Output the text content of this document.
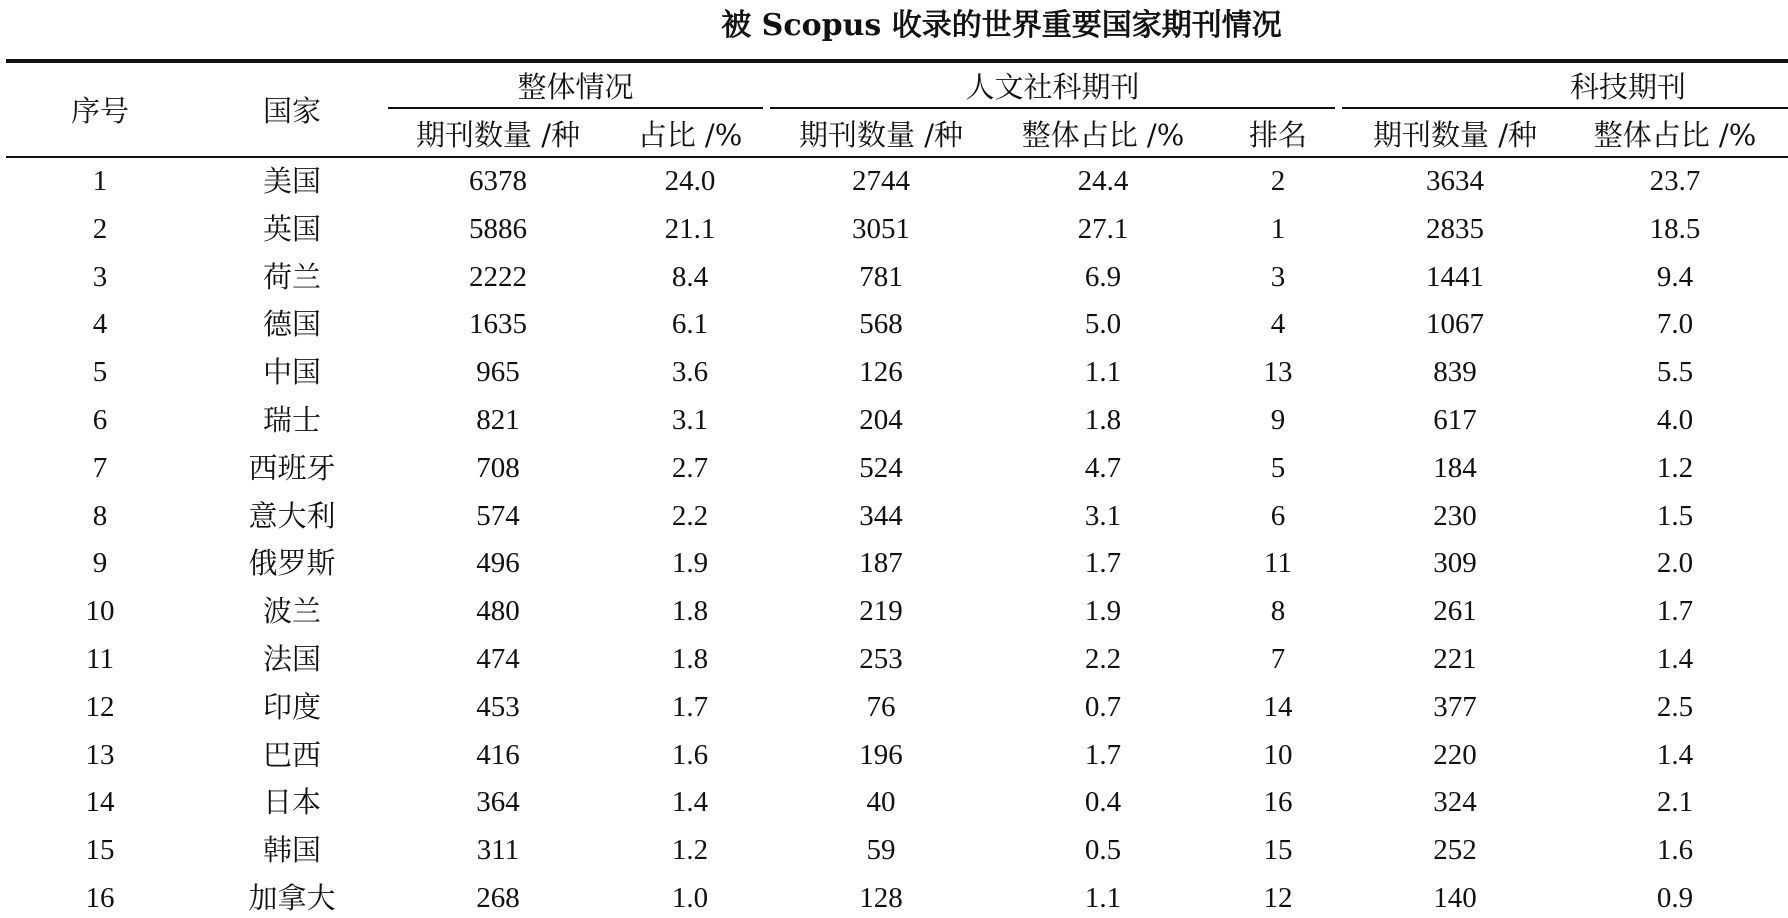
被 Scopus 收录的世界重要国家期刊情况
序号	国家
整体情况	人文社科期刊	科技期刊
期刊数量 /种	占比 /%	期刊数量 /种	整体占比 /%	排名	期刊数量 /种	整体占比 /%
1	美国	6378	24.0	2744	24.4	2	3634	23.7
2	英国	5886	21.1	3051	27.1	1	2835	18.5
3	荷兰	2222	8.4	781	6.9	3	1441	9.4
4	德国	1635	6.1	568	5.0	4	1067	7.0
5	中国	965	3.6	126	1.1	13	839	5.5
6	瑞士	821	3.1	204	1.8	9	617	4.0
7	西班牙	708	2.7	524	4.7	5	184	1.2
8	意大利	574	2.2	344	3.1	6	230	1.5
9	俄罗斯	496	1.9	187	1.7	11	309	2.0
10	波兰	480	1.8	219	1.9	8	261	1.7
11	法国	474	1.8	253	2.2	7	221	1.4
12	印度	453	1.7	76	0.7	14	377	2.5
13	巴西	416	1.6	196	1.7	10	220	1.4
14	日本	364	1.4	40	0.4	16	324	2.1
15	韩国	311	1.2	59	0.5	15	252	1.6
16	加拿大	268	1.0	128	1.1	12	140	0.9
